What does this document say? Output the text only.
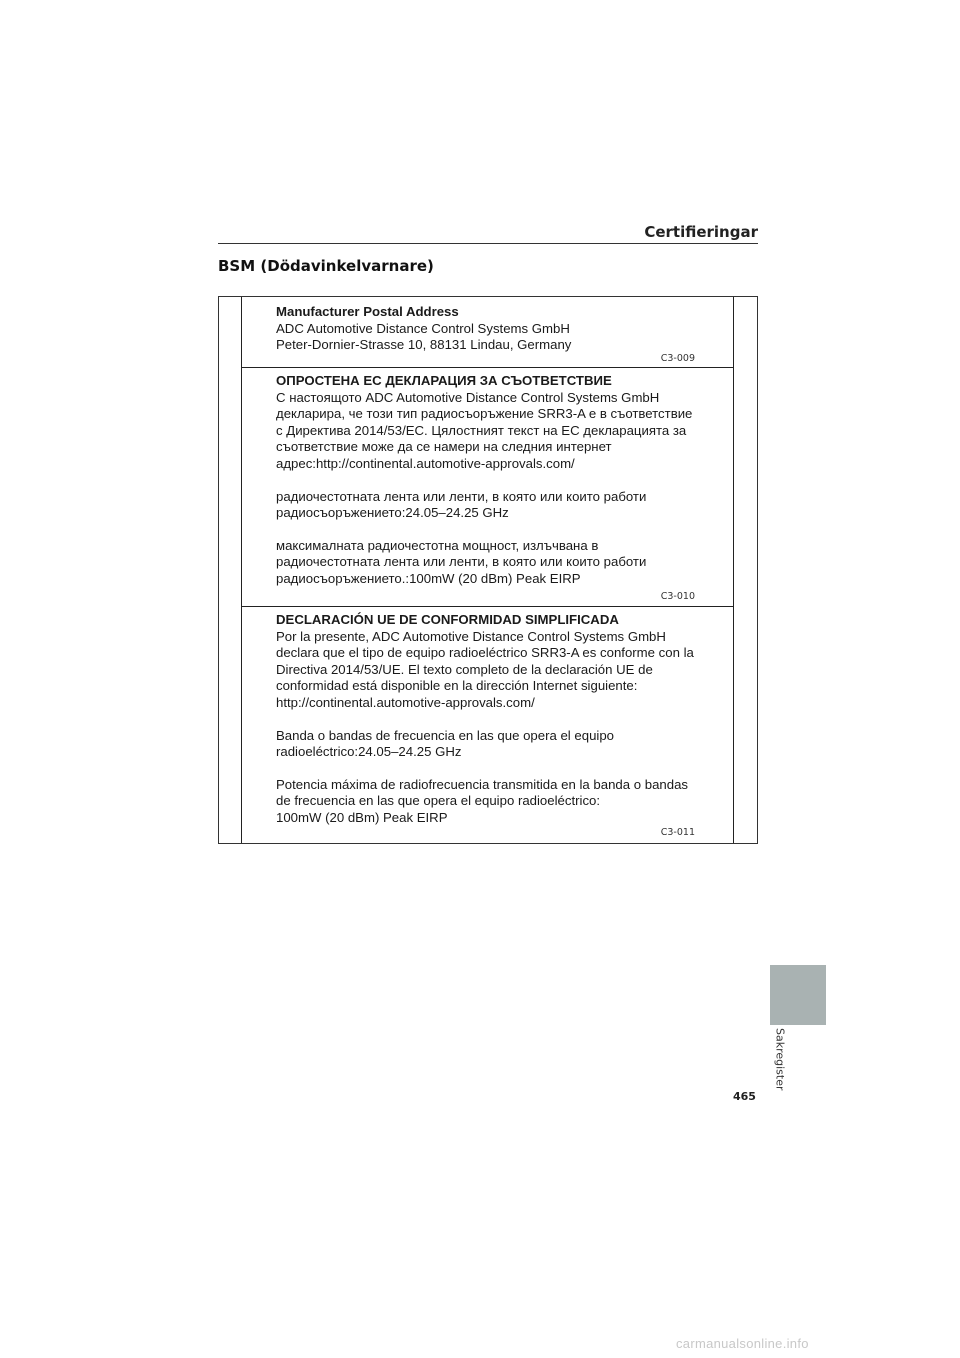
Certifieringar
BSM (Dödavinkelvarnare)

Manufacturer Postal Address

ADC Automotive Distance Control Systems GmbH

Peter-Dornier-Strasse 10, 88131 Lindau, Germany

C3-009

ОПРОСТЕНА ЕС ДЕКЛАРАЦИЯ ЗА СЪОТВЕТСТВИЕ

С настоящото ADC Automotive Distance Control Systems GmbH

декларира, че този тип радиосъоръжение SRR3-A е в съответствие

с Директива 2014/53/ЕС. Цялостният текст на ЕС декларацията за

съответствие може да се намери на следния интернет

адрес:http://continental.automotive-approvals.com/

радиочестотната лента или ленти, в която или които работи

радиосъоръжението:24.05–24.25 GHz

максималната радиочестотна мощност, излъчвана в

радиочестотната лента или ленти, в която или които работи

радиосъоръжението.:100mW (20 dBm) Peak EIRP

C3-010

DECLARACIÓN UE DE CONFORMIDAD SIMPLIFICADA

Por la presente, ADC Automotive Distance Control Systems GmbH

declara que el tipo de equipo radioeléctrico SRR3-A es conforme con la

Directiva 2014/53/UE. El texto completo de la declaración UE de

conformidad está disponible en la dirección Internet siguiente:

http://continental.automotive-approvals.com/

Banda o bandas de frecuencia en las que opera el equipo

radioeléctrico:24.05–24.25 GHz

Potencia máxima de radiofrecuencia transmitida en la banda o bandas

de frecuencia en las que opera el equipo radioeléctrico:

100mW (20 dBm) Peak EIRP

C3-011
Sakregister
465
carmanualsonline.info
